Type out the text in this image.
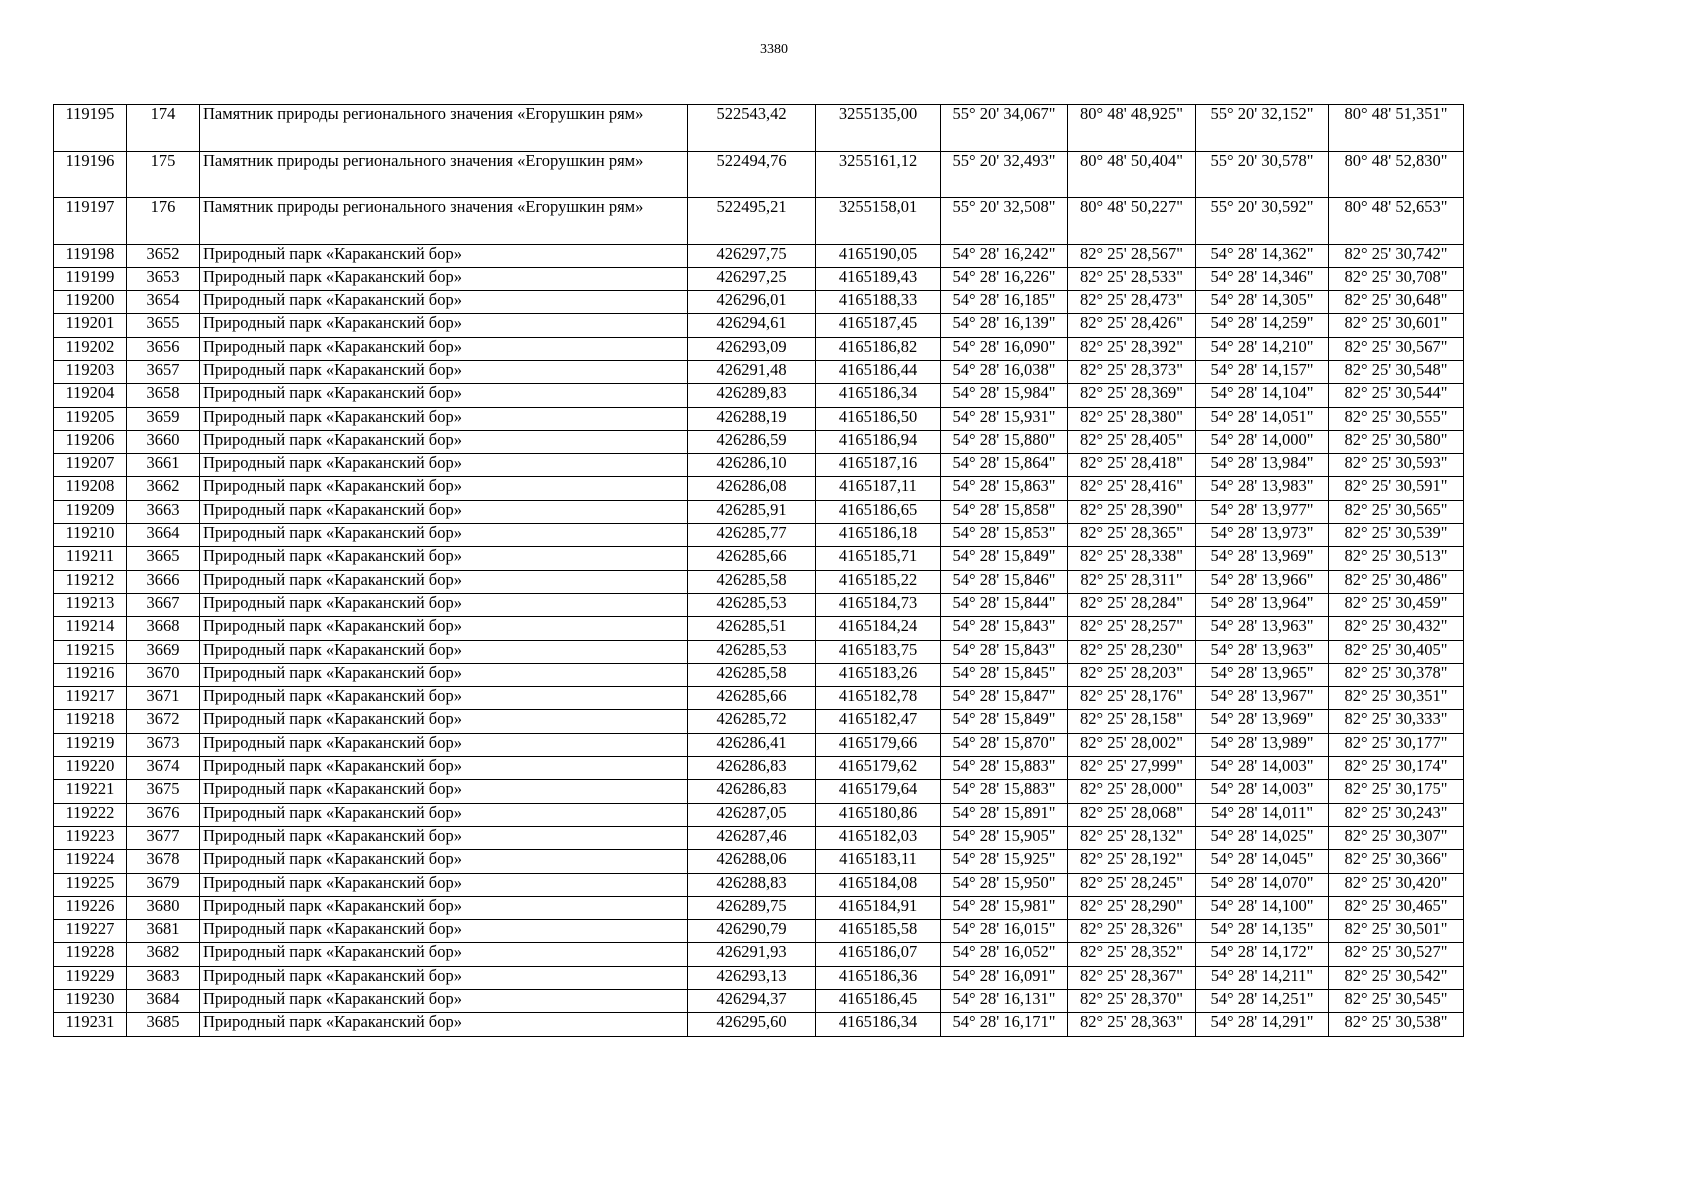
3380
119195	174	Памятник природы регионального значения «Егорушкин рям»	522543,42	3255135,00	55° 20' 34,067"	80° 48' 48,925"	55° 20' 32,152"	80° 48' 51,351"
119196	175	Памятник природы регионального значения «Егорушкин рям»	522494,76	3255161,12	55° 20' 32,493"	80° 48' 50,404"	55° 20' 30,578"	80° 48' 52,830"
119197	176	Памятник природы регионального значения «Егорушкин рям»	522495,21	3255158,01	55° 20' 32,508"	80° 48' 50,227"	55° 20' 30,592"	80° 48' 52,653"
119198	3652	Природный парк «Караканский бор»	426297,75	4165190,05	54° 28' 16,242"	82° 25' 28,567"	54° 28' 14,362"	82° 25' 30,742"
119199	3653	Природный парк «Караканский бор»	426297,25	4165189,43	54° 28' 16,226"	82° 25' 28,533"	54° 28' 14,346"	82° 25' 30,708"
119200	3654	Природный парк «Караканский бор»	426296,01	4165188,33	54° 28' 16,185"	82° 25' 28,473"	54° 28' 14,305"	82° 25' 30,648"
119201	3655	Природный парк «Караканский бор»	426294,61	4165187,45	54° 28' 16,139"	82° 25' 28,426"	54° 28' 14,259"	82° 25' 30,601"
119202	3656	Природный парк «Караканский бор»	426293,09	4165186,82	54° 28' 16,090"	82° 25' 28,392"	54° 28' 14,210"	82° 25' 30,567"
119203	3657	Природный парк «Караканский бор»	426291,48	4165186,44	54° 28' 16,038"	82° 25' 28,373"	54° 28' 14,157"	82° 25' 30,548"
119204	3658	Природный парк «Караканский бор»	426289,83	4165186,34	54° 28' 15,984"	82° 25' 28,369"	54° 28' 14,104"	82° 25' 30,544"
119205	3659	Природный парк «Караканский бор»	426288,19	4165186,50	54° 28' 15,931"	82° 25' 28,380"	54° 28' 14,051"	82° 25' 30,555"
119206	3660	Природный парк «Караканский бор»	426286,59	4165186,94	54° 28' 15,880"	82° 25' 28,405"	54° 28' 14,000"	82° 25' 30,580"
119207	3661	Природный парк «Караканский бор»	426286,10	4165187,16	54° 28' 15,864"	82° 25' 28,418"	54° 28' 13,984"	82° 25' 30,593"
119208	3662	Природный парк «Караканский бор»	426286,08	4165187,11	54° 28' 15,863"	82° 25' 28,416"	54° 28' 13,983"	82° 25' 30,591"
119209	3663	Природный парк «Караканский бор»	426285,91	4165186,65	54° 28' 15,858"	82° 25' 28,390"	54° 28' 13,977"	82° 25' 30,565"
119210	3664	Природный парк «Караканский бор»	426285,77	4165186,18	54° 28' 15,853"	82° 25' 28,365"	54° 28' 13,973"	82° 25' 30,539"
119211	3665	Природный парк «Караканский бор»	426285,66	4165185,71	54° 28' 15,849"	82° 25' 28,338"	54° 28' 13,969"	82° 25' 30,513"
119212	3666	Природный парк «Караканский бор»	426285,58	4165185,22	54° 28' 15,846"	82° 25' 28,311"	54° 28' 13,966"	82° 25' 30,486"
119213	3667	Природный парк «Караканский бор»	426285,53	4165184,73	54° 28' 15,844"	82° 25' 28,284"	54° 28' 13,964"	82° 25' 30,459"
119214	3668	Природный парк «Караканский бор»	426285,51	4165184,24	54° 28' 15,843"	82° 25' 28,257"	54° 28' 13,963"	82° 25' 30,432"
119215	3669	Природный парк «Караканский бор»	426285,53	4165183,75	54° 28' 15,843"	82° 25' 28,230"	54° 28' 13,963"	82° 25' 30,405"
119216	3670	Природный парк «Караканский бор»	426285,58	4165183,26	54° 28' 15,845"	82° 25' 28,203"	54° 28' 13,965"	82° 25' 30,378"
119217	3671	Природный парк «Караканский бор»	426285,66	4165182,78	54° 28' 15,847"	82° 25' 28,176"	54° 28' 13,967"	82° 25' 30,351"
119218	3672	Природный парк «Караканский бор»	426285,72	4165182,47	54° 28' 15,849"	82° 25' 28,158"	54° 28' 13,969"	82° 25' 30,333"
119219	3673	Природный парк «Караканский бор»	426286,41	4165179,66	54° 28' 15,870"	82° 25' 28,002"	54° 28' 13,989"	82° 25' 30,177"
119220	3674	Природный парк «Караканский бор»	426286,83	4165179,62	54° 28' 15,883"	82° 25' 27,999"	54° 28' 14,003"	82° 25' 30,174"
119221	3675	Природный парк «Караканский бор»	426286,83	4165179,64	54° 28' 15,883"	82° 25' 28,000"	54° 28' 14,003"	82° 25' 30,175"
119222	3676	Природный парк «Караканский бор»	426287,05	4165180,86	54° 28' 15,891"	82° 25' 28,068"	54° 28' 14,011"	82° 25' 30,243"
119223	3677	Природный парк «Караканский бор»	426287,46	4165182,03	54° 28' 15,905"	82° 25' 28,132"	54° 28' 14,025"	82° 25' 30,307"
119224	3678	Природный парк «Караканский бор»	426288,06	4165183,11	54° 28' 15,925"	82° 25' 28,192"	54° 28' 14,045"	82° 25' 30,366"
119225	3679	Природный парк «Караканский бор»	426288,83	4165184,08	54° 28' 15,950"	82° 25' 28,245"	54° 28' 14,070"	82° 25' 30,420"
119226	3680	Природный парк «Караканский бор»	426289,75	4165184,91	54° 28' 15,981"	82° 25' 28,290"	54° 28' 14,100"	82° 25' 30,465"
119227	3681	Природный парк «Караканский бор»	426290,79	4165185,58	54° 28' 16,015"	82° 25' 28,326"	54° 28' 14,135"	82° 25' 30,501"
119228	3682	Природный парк «Караканский бор»	426291,93	4165186,07	54° 28' 16,052"	82° 25' 28,352"	54° 28' 14,172"	82° 25' 30,527"
119229	3683	Природный парк «Караканский бор»	426293,13	4165186,36	54° 28' 16,091"	82° 25' 28,367"	54° 28' 14,211"	82° 25' 30,542"
119230	3684	Природный парк «Караканский бор»	426294,37	4165186,45	54° 28' 16,131"	82° 25' 28,370"	54° 28' 14,251"	82° 25' 30,545"
119231	3685	Природный парк «Караканский бор»	426295,60	4165186,34	54° 28' 16,171"	82° 25' 28,363"	54° 28' 14,291"	82° 25' 30,538"
